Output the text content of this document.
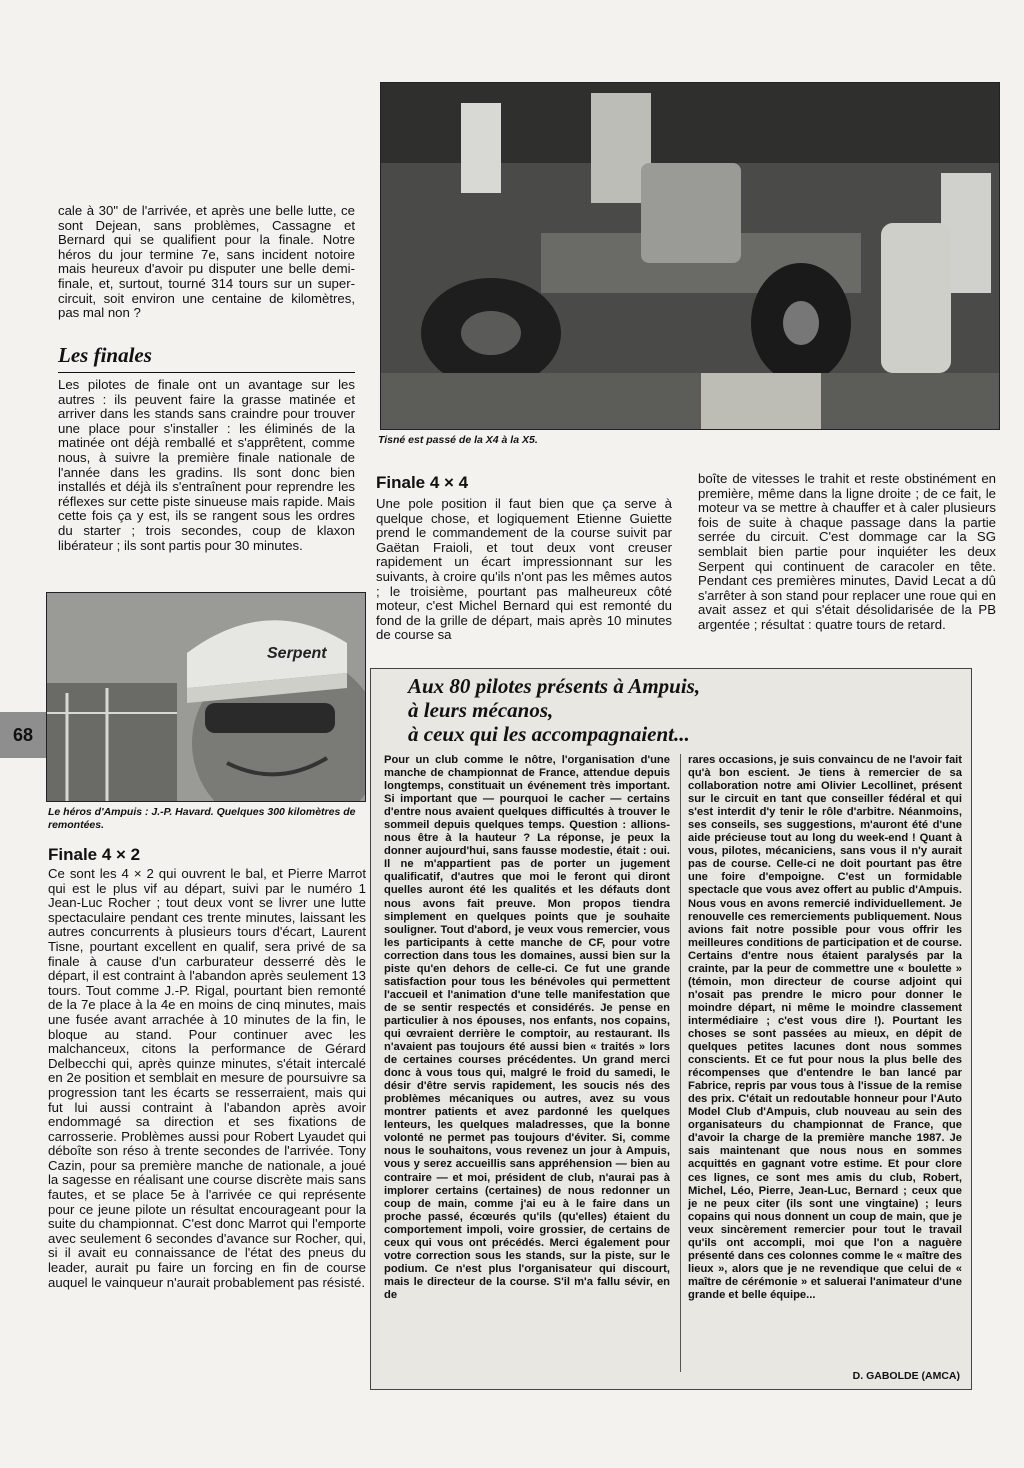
68

cale à 30" de l'arrivée, et après une belle lutte, ce sont Dejean, sans problèmes, Cassagne et Bernard qui se qualifient pour la finale. Notre héros du jour termine 7e, sans incident notoire mais heureux d'avoir pu disputer une belle demi-finale, et, surtout, tourné 314 tours sur un super-circuit, soit environ une centaine de kilomètres, pas mal non ?

Les finales

Les pilotes de finale ont un avantage sur les autres : ils peuvent faire la grasse matinée et arriver dans les stands sans craindre pour trouver une place pour s'installer : les éliminés de la matinée ont déjà remballé et s'apprêtent, comme nous, à suivre la première finale nationale de l'année dans les gradins. Ils sont donc bien installés et déjà ils s'entraînent pour reprendre les réflexes sur cette piste sinueuse mais rapide. Mais cette fois ça y est, ils se rangent sous les ordres du starter ; trois secondes, coup de klaxon libérateur ; ils sont partis pour 30 minutes.

Tisné est passé de la X4 à la X5.
Serpent
Le héros d'Ampuis : J.-P. Havard. Quelques 300 kilomètres de remontées.
Finale 4 × 2

Ce sont les 4 × 2 qui ouvrent le bal, et Pierre Marrot qui est le plus vif au départ, suivi par le numéro 1 Jean-Luc Rocher ; tout deux vont se livrer une lutte spectaculaire pendant ces trente minutes, laissant les autres concurrents à plusieurs tours d'écart, Laurent Tisne, pourtant excellent en qualif, sera privé de sa finale à cause d'un carburateur desserré dès le départ, il est contraint à l'abandon après seulement 13 tours. Tout comme J.-P. Rigal, pourtant bien remonté de la 7e place à la 4e en moins de cinq minutes, mais une fusée avant arrachée à 10 minutes de la fin, le bloque au stand. Pour continuer avec les malchanceux, citons la performance de Gérard Delbecchi qui, après quinze minutes, s'était intercalé en 2e position et semblait en mesure de poursuivre sa progression tant les écarts se resserraient, mais qui fut lui aussi contraint à l'abandon après avoir endommagé sa direction et ses fixations de carrosserie. Problèmes aussi pour Robert Lyaudet qui déboîte son réso à trente secondes de l'arrivée. Tony Cazin, pour sa première manche de nationale, a joué la sagesse en réalisant une course discrète mais sans fautes, et se place 5e à l'arrivée ce qui représente pour ce jeune pilote un résultat encourageant pour la suite du championnat. C'est donc Marrot qui l'emporte avec seulement 6 secondes d'avance sur Rocher, qui, si il avait eu connaissance de l'état des pneus du leader, aurait pu faire un forcing en fin de course auquel le vainqueur n'aurait probablement pas résisté.

Finale 4 × 4

Une pole position il faut bien que ça serve à quelque chose, et logiquement Etienne Guiette prend le commandement de la course suivit par Gaëtan Fraioli, et tout deux vont creuser rapidement un écart impressionnant sur les suivants, à croire qu'ils n'ont pas les mêmes autos ; le troisième, pourtant pas malheureux côté moteur, c'est Michel Bernard qui est remonté du fond de la grille de départ, mais après 10 minutes de course sa

boîte de vitesses le trahit et reste obstinément en première, même dans la ligne droite ; de ce fait, le moteur va se mettre à chauffer et à caler plusieurs fois de suite à chaque passage dans la partie serrée du circuit. C'est dommage car la SG semblait bien partie pour inquiéter les deux Serpent qui continuent de caracoler en tête. Pendant ces premières minutes, David Lecat a dû s'arrêter à son stand pour replacer une roue qui en avait assez et qui s'était désolidarisée de la PB argentée ; résultat : quatre tours de retard.

Aux 80 pilotes présents à Ampuis,
à leurs mécanos,
à ceux qui les accompagnaient...

Pour un club comme le nôtre, l'organisation d'une manche de championnat de France, attendue depuis longtemps, constituait un événement très important. Si important que — pourquoi le cacher — certains d'entre nous avaient quelques difficultés à trouver le sommeil depuis quelques temps. Question : allions-nous être à la hauteur ? La réponse, je peux la donner aujourd'hui, sans fausse modestie, était : oui. Il ne m'appartient pas de porter un jugement qualificatif, d'autres que moi le feront qui diront quelles auront été les qualités et les défauts dont nous avons fait preuve. Mon propos tiendra simplement en quelques points que je souhaite souligner. Tout d'abord, je veux vous remercier, vous les participants à cette manche de CF, pour votre correction dans tous les domaines, aussi bien sur la piste qu'en dehors de celle-ci. Ce fut une grande satisfaction pour tous les bénévoles qui permettent l'accueil et l'animation d'une telle manifestation que de se sentir respectés et considérés. Je pense en particulier à nos épouses, nos enfants, nos copains, qui œvraient derrière le comptoir, au restaurant. Ils n'avaient pas toujours été aussi bien « traités » lors de certaines courses précédentes. Un grand merci donc à vous tous qui, malgré le froid du samedi, le désir d'être servis rapidement, les soucis nés des problèmes mécaniques ou autres, avez su vous montrer patients et avez pardonné les quelques lenteurs, les quelques maladresses, que la bonne volonté ne permet pas toujours d'éviter. Si, comme nous le souhaitons, vous revenez un jour à Ampuis, vous y serez accueillis sans appréhension — bien au contraire — et moi, président de club, n'aurai pas à implorer certains (certaines) de nous redonner un coup de main, comme j'ai eu à le faire dans un proche passé, écœurés qu'ils (qu'elles) étaient du comportement impoli, voire grossier, de certains de ceux qui vous ont précédés. Merci également pour votre correction sous les stands, sur la piste, sur le podium. Ce n'est plus l'organisateur qui discourt, mais le directeur de la course. S'il m'a fallu sévir, en de

rares occasions, je suis convaincu de ne l'avoir fait qu'à bon escient. Je tiens à remercier de sa collaboration notre ami Olivier Lecollinet, présent sur le circuit en tant que conseiller fédéral et qui s'est interdit d'y tenir le rôle d'arbitre. Néanmoins, ses conseils, ses suggestions, m'auront été d'une aide précieuse tout au long du week-end ! Quant à vous, pilotes, mécaniciens, sans vous il n'y aurait pas de course. Celle-ci ne doit pourtant pas être une foire d'empoigne. C'est un formidable spectacle que vous avez offert au public d'Ampuis. Nous vous en avons remercié individuellement. Je renouvelle ces remerciements publiquement. Nous avions fait notre possible pour vous offrir les meilleures conditions de participation et de course. Certains d'entre nous étaient paralysés par la crainte, par la peur de commettre une « boulette » (témoin, mon directeur de course adjoint qui n'osait pas prendre le micro pour donner le moindre départ, ni même le moindre classement intermédiaire ; c'est vous dire !). Pourtant les choses se sont passées au mieux, en dépit de quelques petites lacunes dont nous sommes conscients. Et ce fut pour nous la plus belle des récompenses que d'entendre le ban lancé par Fabrice, repris par vous tous à l'issue de la remise des prix. C'était un redoutable honneur pour l'Auto Model Club d'Ampuis, club nouveau au sein des organisateurs du championnat de France, que d'avoir la charge de la première manche 1987. Je sais maintenant que nous nous en sommes acquittés en gagnant votre estime. Et pour clore ces lignes, ce sont mes amis du club, Robert, Michel, Léo, Pierre, Jean-Luc, Bernard ; ceux que je ne peux citer (ils sont une vingtaine) ; leurs copains qui nous donnent un coup de main, que je veux sincèrement remercier pour tout le travail qu'ils ont accompli, moi que l'on a naguère présenté dans ces colonnes comme le « maître des lieux », alors que je ne revendique que celui de « maître de cérémonie » et saluerai l'animateur d'une grande et belle équipe...

D. GABOLDE (AMCA)
